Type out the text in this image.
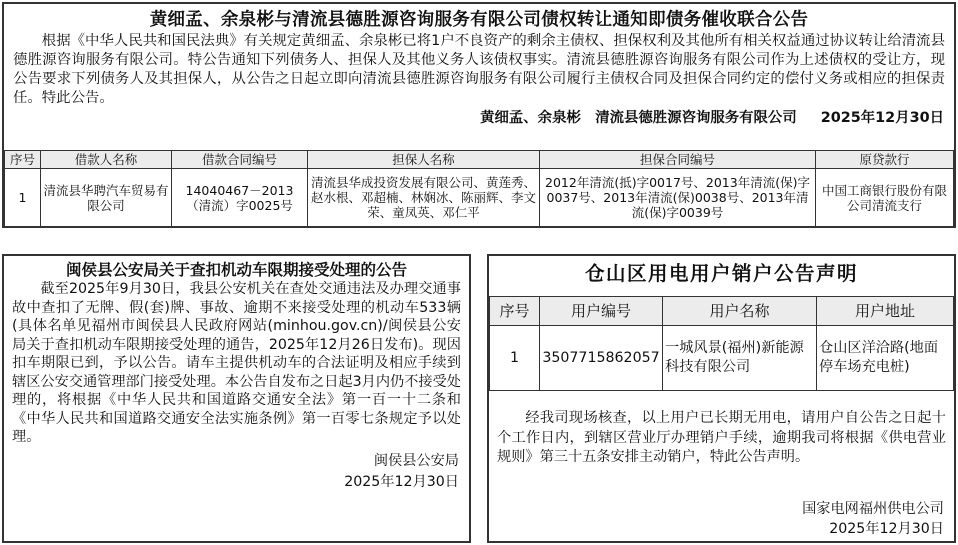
黄细孟、余泉彬与清流县德胜源咨询服务有限公司债权转让通知即债务催收联合公告
根据《中华人民共和国民法典》有关规定黄细孟、余泉彬已将1户不良资产的剩余主债权、担保权利及其他所有相关权益通过协议转让给清流县德胜源咨询服务有限公司。特公告通知下列债务人、担保人及其他义务人该债权事实。清流县德胜源咨询服务有限公司作为上述债权的受让方，现公告要求下列债务人及其担保人，从公告之日起立即向清流县德胜源咨询服务有限公司履行主债权合同及担保合同约定的偿付义务或相应的担保责任。特此公告。
黄细孟、余泉彬　清流县德胜源咨询服务有限公司 2025年12月30日
序号	借款人名称	借款合同编号	担保人名称	担保合同编号	原贷款行
1	清流县华聘汽车贸易有限公司	14040467－2013（清流）字0025号	清流县华成投资发展有限公司、黄莲秀、赵水根、邓超楠、林娴冰、陈丽辉、李文荣、童凤英、邓仁平	2012年清流(抵)字0017号、2013年清流(保)字0037号、2013年清流(保)0038号、2013年清流(保)字0039号	中国工商银行股份有限公司清流支行
闽侯县公安局关于查扣机动车限期接受处理的公告
截至2025年9月30日，我县公安机关在查处交通违法及办理交通事故中查扣了无牌、假(套)牌、事故、逾期不来接受处理的机动车533辆(具体名单见福州市闽侯县人民政府网站(minhou.gov.cn)/闽侯县公安局关于查扣机动车限期接受处理的通告，2025年12月26日发布)。现因扣车期限已到，予以公告。请车主提供机动车的合法证明及相应手续到辖区公安交通管理部门接受处理。本公告自发布之日起3月内仍不接受处理的，将根据《中华人民共和国道路交通安全法》第一百一十二条和《中华人民共和国道路交通安全法实施条例》第一百零七条规定予以处理。
闽侯县公安局
2025年12月30日
仓山区用电用户销户公告声明
序号	用户编号	用户名称	用户地址
1	3507715862057	一城风景(福州)新能源科技有限公司	仓山区洋洽路(地面停车场充电桩)
经我司现场核查，以上用户已长期无用电，请用户自公告之日起十个工作日内，到辖区营业厅办理销户手续，逾期我司将根据《供电营业规则》第三十五条安排主动销户，特此公告声明。
国家电网福州供电公司
2025年12月30日
